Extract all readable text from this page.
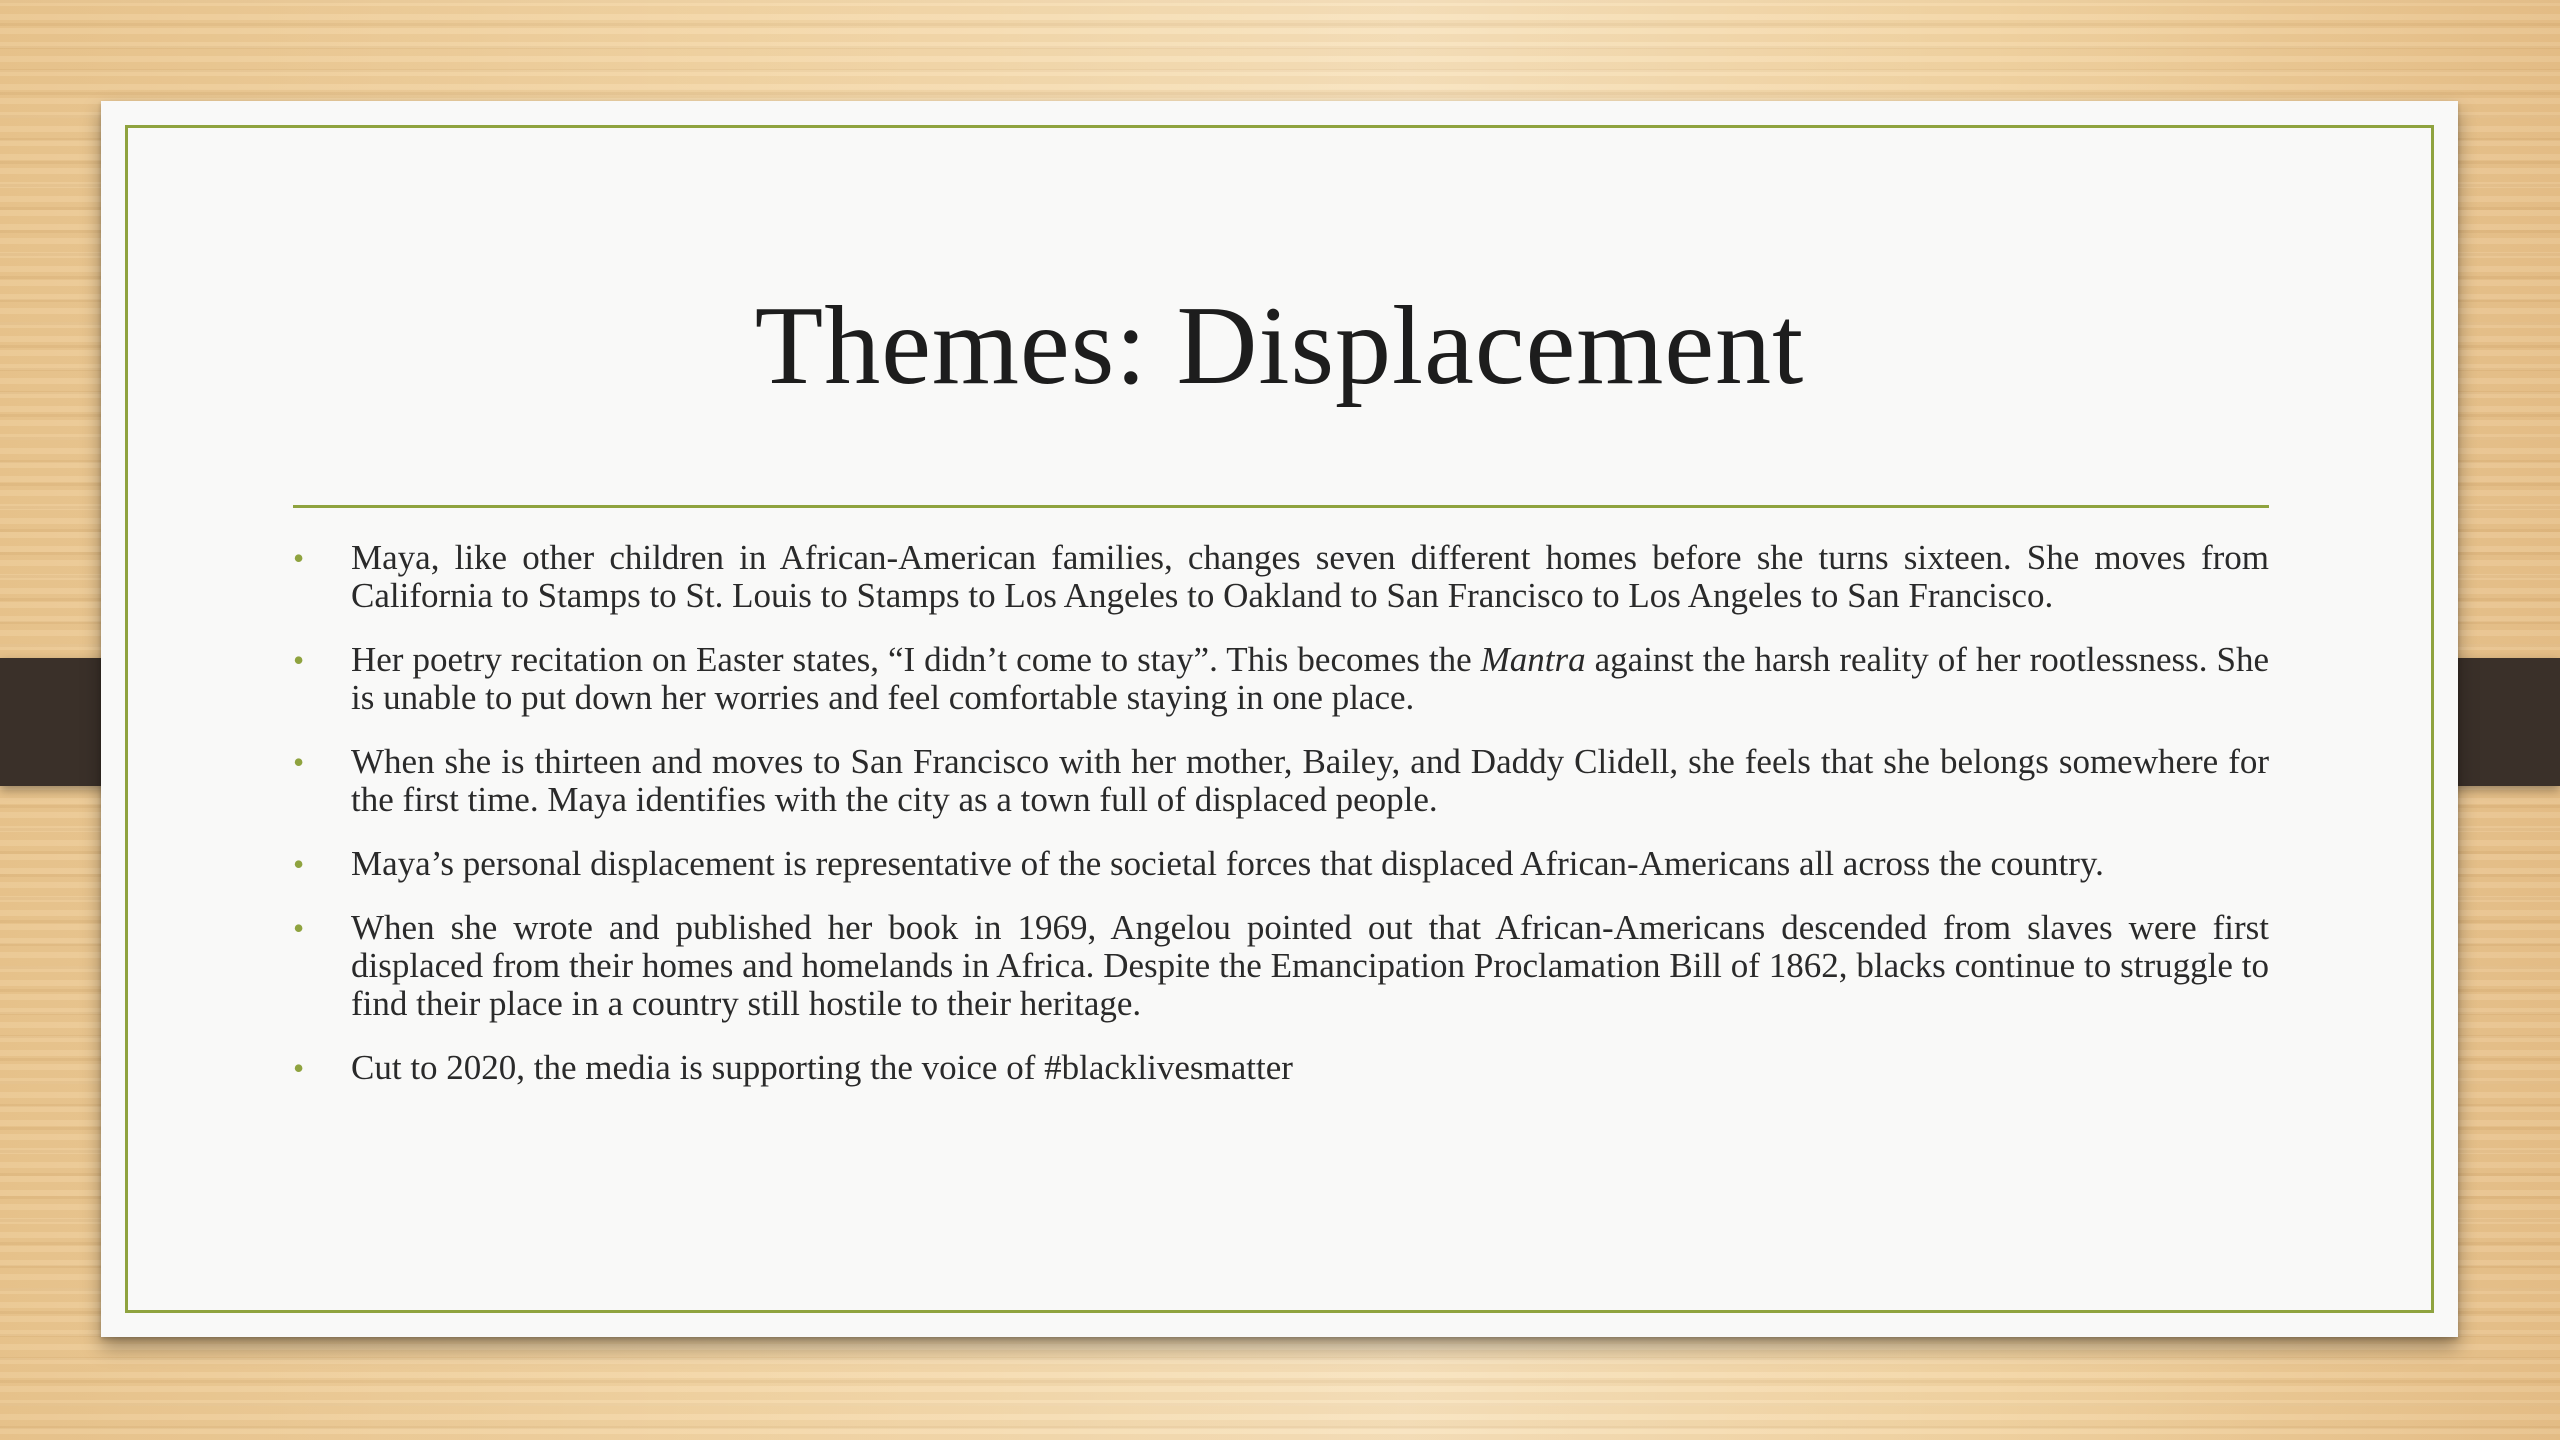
Themes: Displacement
• Maya, like other children in African-American families, changes seven different homes before she turns sixteen. She moves from California to Stamps to St. Louis to Stamps to Los Angeles to Oakland to San Francisco to Los Angeles to San Francisco.
• Her poetry recitation on Easter states, “I didn’t come to stay”. This becomes the Mantra against the harsh reality of her rootlessness. She is unable to put down her worries and feel comfortable staying in one place.
• When she is thirteen and moves to San Francisco with her mother, Bailey, and Daddy Clidell, she feels that she belongs somewhere for the first time. Maya identifies with the city as a town full of displaced people.
• Maya’s personal displacement is representative of the societal forces that displaced African-Americans all across the country.
• When she wrote and published her book in 1969, Angelou pointed out that African-Americans descended from slaves were first displaced from their homes and homelands in Africa. Despite the Emancipation Proclamation Bill of 1862, blacks continue to struggle to find their place in a country still hostile to their heritage.
• Cut to 2020, the media is supporting the voice of #blacklivesmatter
